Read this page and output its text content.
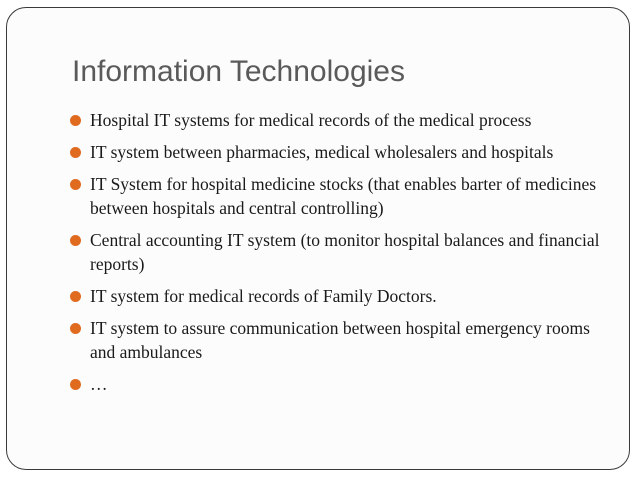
Information Technologies
Hospital IT systems for medical records of the medical process
IT system between pharmacies, medical wholesalers and hospitals
IT System for hospital medicine stocks (that enables barter of medicines between hospitals and central controlling)
Central accounting IT system (to monitor hospital balances and financial reports)
IT system for medical records of Family Doctors.
IT system to assure communication between hospital emergency rooms and ambulances
…
